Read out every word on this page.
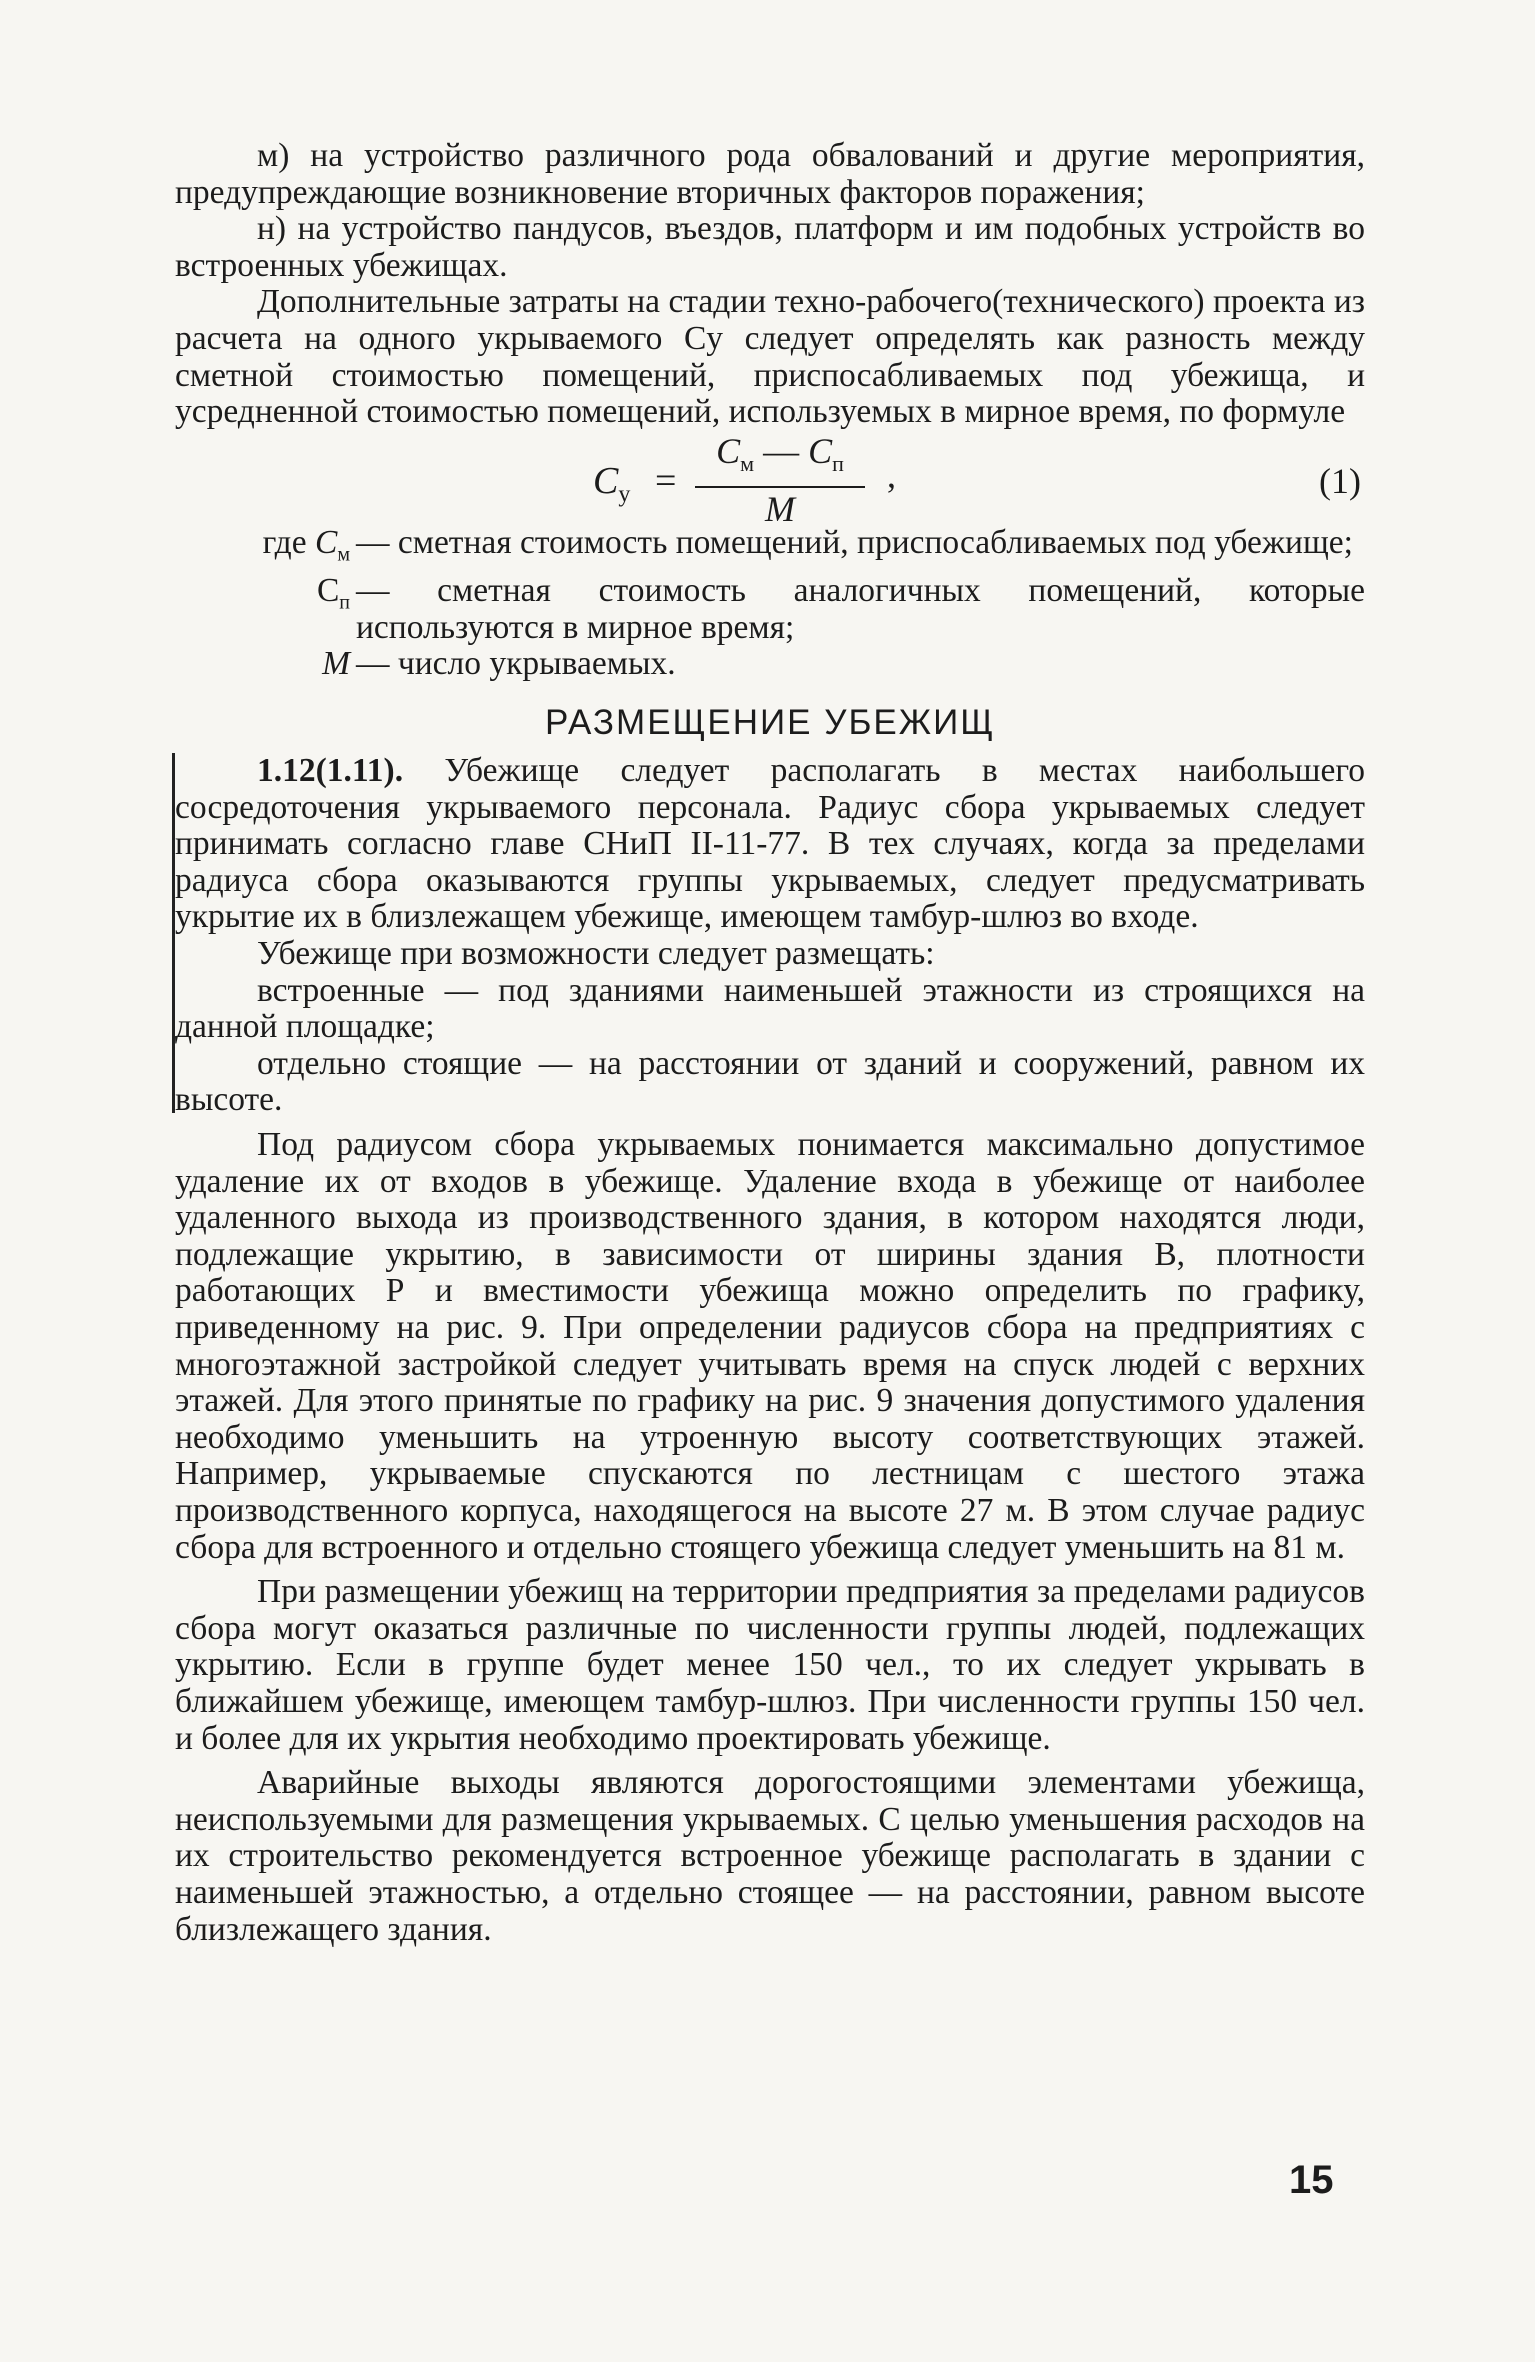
м) на устройство различного рода обвалований и другие мероприятия, предупреждающие возникновение вторичных факторов поражения;

н) на устройство пандусов, въездов, платформ и им подобных устройств во встроенных убежищах.

Дополнительные затраты на стадии техно-рабочего(технического) проекта из расчета на одного укрываемого Cу следует определять как разность между сметной стоимостью помещений, приспосабливаемых под убежища, и усредненной стоимостью помещений, используемых в мирное время, по формуле

$C_у$ =
$C_м$ — $C_п$
M
,	(1)
где $C_м$ — сметная стоимость помещений, приспосабливаемых под убежище;
$C_п$ — сметная стоимость аналогичных помещений, которые используются в мирное время;
M — число укрываемых.
РАЗМЕЩЕНИЕ УБЕЖИЩ

1.12(1.11). Убежище следует располагать в местах наибольшего сосредоточения укрываемого персонала. Радиус сбора укрываемых следует принимать согласно главе СНиП II-11-77. В тех случаях, когда за пределами радиуса сбора оказываются группы укрываемых, следует предусматривать укрытие их в близлежащем убежище, имеющем тамбур-шлюз во входе.

Убежище при возможности следует размещать:

встроенные — под зданиями наименьшей этажности из строящихся на данной площадке;

отдельно стоящие — на расстоянии от зданий и сооружений, равном их высоте.

Под радиусом сбора укрываемых понимается максимально допустимое удаление их от входов в убежище. Удаление входа в убежище от наиболее удаленного выхода из производственного здания, в котором находятся люди, подлежащие укрытию, в зависимости от ширины здания В, плотности работающих Р и вместимости убежища можно определить по графику, приведенному на рис. 9. При определении радиусов сбора на предприятиях с многоэтажной застройкой следует учитывать время на спуск людей с верхних этажей. Для этого принятые по графику на рис. 9 значения допустимого удаления необходимо уменьшить на утроенную высоту соответствующих этажей. Например, укрываемые спускаются по лестницам с шестого этажа производственного корпуса, находящегося на высоте 27 м. В этом случае радиус сбора для встроенного и отдельно стоящего убежища следует уменьшить на 81 м.

При размещении убежищ на территории предприятия за пределами радиусов сбора могут оказаться различные по численности группы людей, подлежащих укрытию. Если в группе будет менее 150 чел., то их следует укрывать в ближайшем убежище, имеющем тамбур-шлюз. При численности группы 150 чел. и более для их укрытия необходимо проектировать убежище.

Аварийные выходы являются дорогостоящими элементами убежища, неиспользуемыми для размещения укрываемых. С целью уменьшения расходов на их строительство рекомендуется встроенное убежище располагать в здании с наименьшей этажностью, а отдельно стоящее — на расстоянии, равном высоте близлежащего здания.

15
